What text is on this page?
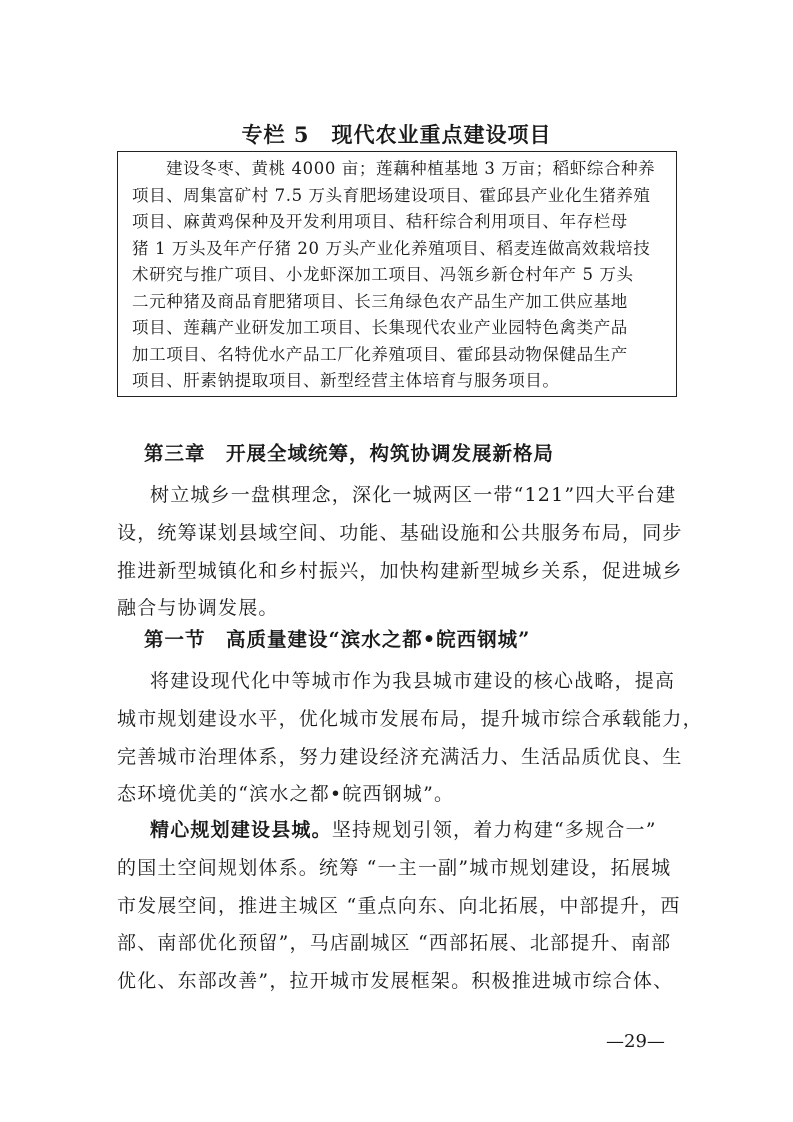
专栏 5　现代农业重点建设项目
建设冬枣、黄桃 4000 亩；莲藕种植基地 3 万亩；稻虾综合种养
项目、周集富矿村 7.5 万头育肥场建设项目、霍邱县产业化生猪养殖
项目、麻黄鸡保种及开发利用项目、秸秆综合利用项目、年存栏母
猪 1 万头及年产仔猪 20 万头产业化养殖项目、稻麦连做高效栽培技
术研究与推广项目、小龙虾深加工项目、冯瓴乡新仓村年产 5 万头
二元种猪及商品育肥猪项目、长三角绿色农产品生产加工供应基地
项目、莲藕产业研发加工项目、长集现代农业产业园特色禽类产品
加工项目、名特优水产品工厂化养殖项目、霍邱县动物保健品生产
项目、肝素钠提取项目、新型经营主体培育与服务项目。
第三章　开展全域统筹，构筑协调发展新格局
树立城乡一盘棋理念，深化一城两区一带“121”四大平台建
设，统筹谋划县域空间、功能、基础设施和公共服务布局，同步
推进新型城镇化和乡村振兴，加快构建新型城乡关系，促进城乡
融合与协调发展。
第一节　高质量建设“滨水之都•皖西钢城”
将建设现代化中等城市作为我县城市建设的核心战略，提高
城市规划建设水平，优化城市发展布局，提升城市综合承载能力，
完善城市治理体系，努力建设经济充满活力、生活品质优良、生
态环境优美的“滨水之都•皖西钢城”。
精心规划建设县城。坚持规划引领，着力构建“多规合一”
的国土空间规划体系。统筹 “一主一副”城市规划建设，拓展城
市发展空间，推进主城区 “重点向东、向北拓展，中部提升，西
部、南部优化预留”，马店副城区 “西部拓展、北部提升、南部
优化、东部改善”，拉开城市发展框架。积极推进城市综合体、
—29—
